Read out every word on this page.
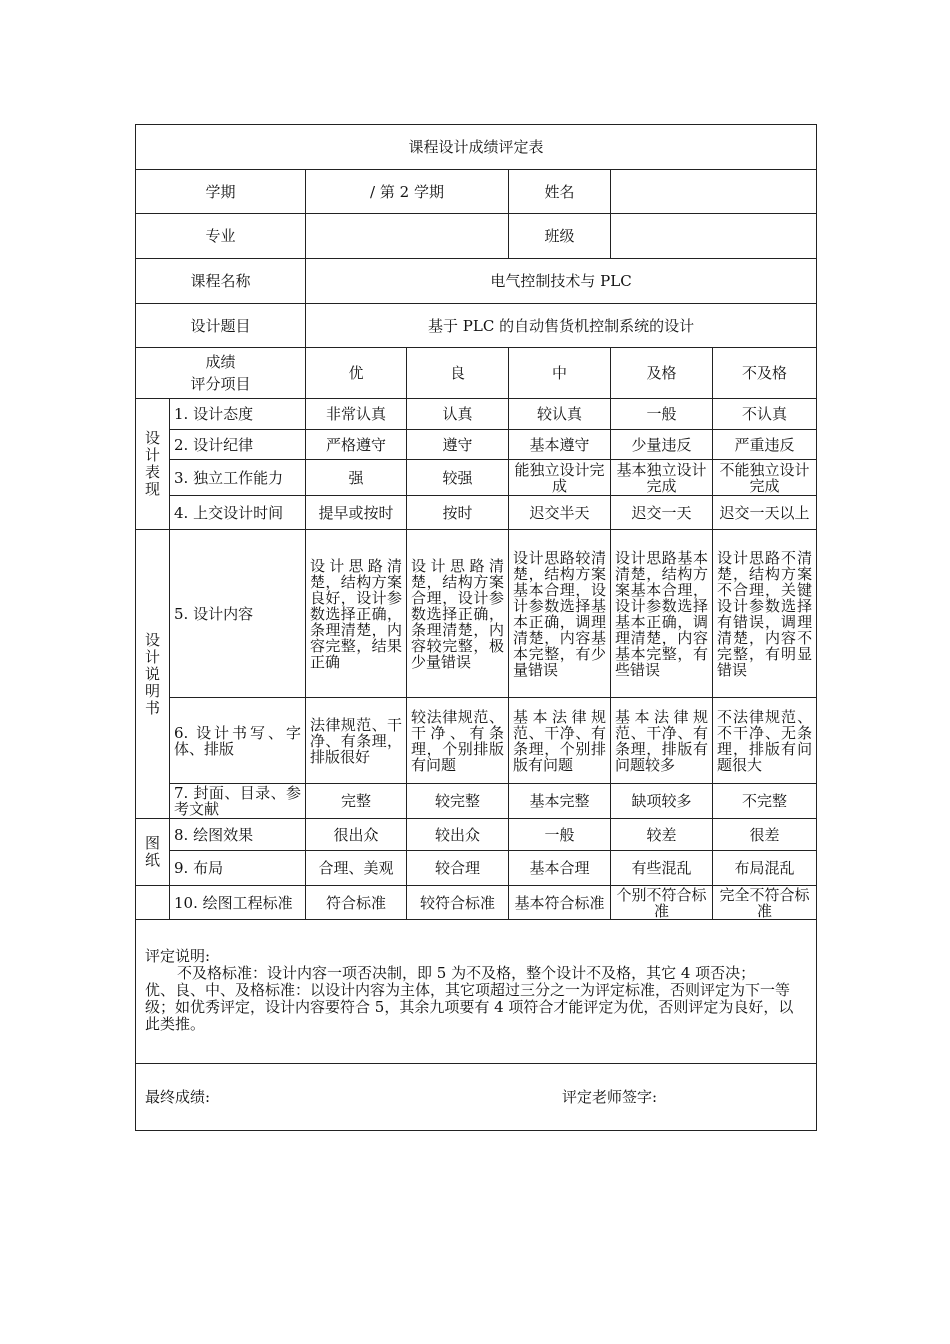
课程设计成绩评定表						
学期		/ 第 2 学期		姓名		
专业				班级		
课程名称		电气控制技术与 PLC				
设计题目		基于 PLC 的自动售货机控制系统的设计				

成绩
评分项目		优	良	中	及格	不及格

设
计
表
现	1. 设计态度	非常认真	认真	较认真	一般	不认真
	2. 设计纪律	严格遵守	遵守	基本遵守	少量违反	严重违反
	3. 独立工作能力	强	较强	能独立设计完成	基本独立设计完成	不能独立设计完成
	4. 上交设计时间	提早或按时	按时	迟交半天	迟交一天	迟交一天以上

设
计
说
明
书	5. 设计内容	设计思路清楚，结构方案良好，设计参数选择正确，条理清楚，内容完整，结果正确	设计思路清楚，结构方案合理，设计参数选择正确，条理清楚，内容较完整，极少量错误	设计思路较清楚，结构方案基本合理，设计参数选择基本正确，调理清楚，内容基本完整，有少量错误	设计思路基本清楚，结构方案基本合理，设计参数选择基本正确，调理清楚，内容基本完整，有些错误	设计思路不清楚，结构方案不合理，关键设计参数选择有错误，调理清楚，内容不完整，有明显错误
	6. 设计书写、字体、排版	法律规范、干净、有条理，排版很好	较法律规范、干净、有条理，个别排版有问题	基本法律规范、干净、有条理，个别排版有问题	基本法律规范、干净、有条理，排版有问题较多	不法律规范、不干净、无条理，排版有问题很大
	7. 封面、目录、参考文献	完整	较完整	基本完整	缺项较多	不完整

图
纸	8. 绘图效果	很出众	较出众	一般	较差	很差
	9. 布局	合理、美观	较合理	基本合理	有些混乱	布局混乱
	10. 绘图工程标准	符合标准	较符合标准	基本符合标准	个别不符合标准	完全不符合标准

评定说明:
不及格标准：设计内容一项否决制，即 5 为不及格，整个设计不及格，其它 4 项否决；
优、良、中、及格标准：以设计内容为主体，其它项超过三分之一为评定标准，否则评定为下一等级；如优秀评定，设计内容要符合 5，其余九项要有 4 项符合才能评定为优，否则评定为良好，以此类推。						

最终成绩: 评定老师签字:						
